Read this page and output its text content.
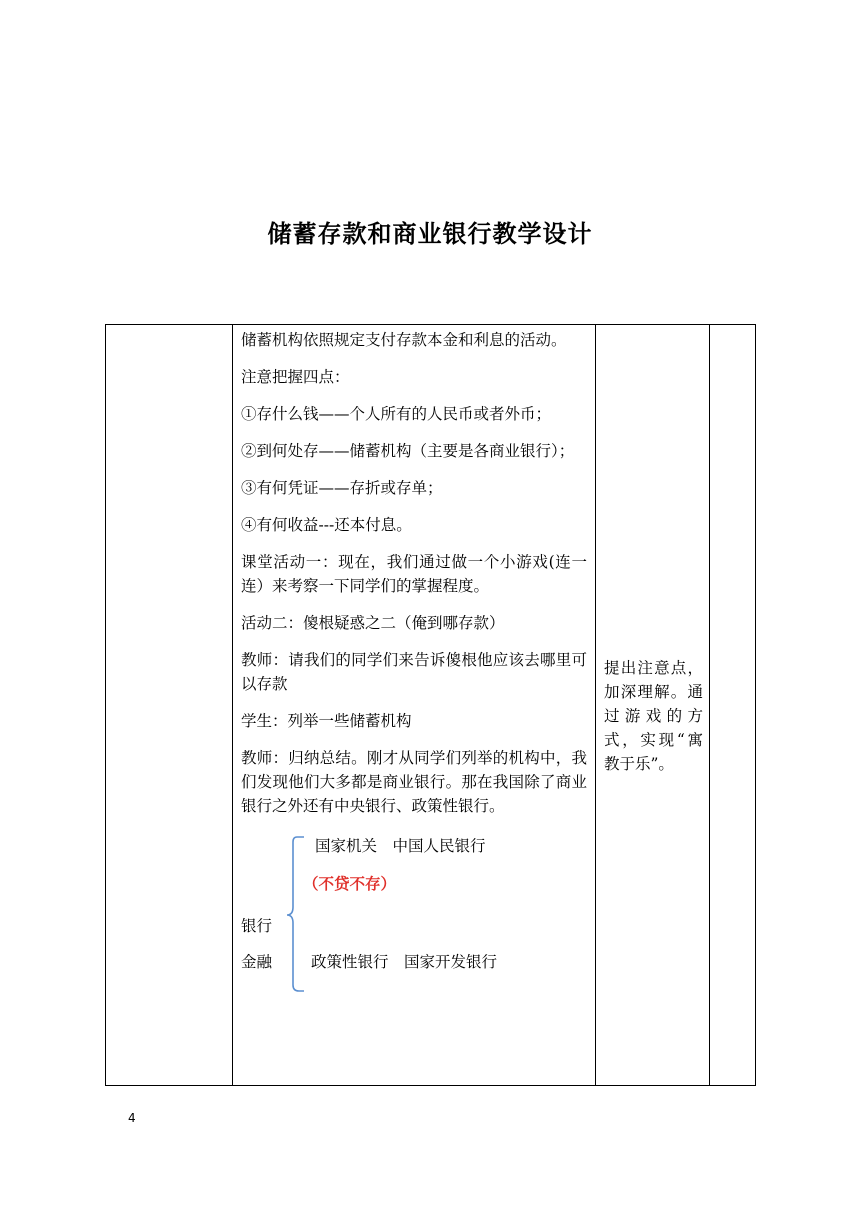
储蓄存款和商业银行教学设计

储蓄机构依照规定支付存款本金和利息的活动。

注意把握四点：

①存什么钱——个人所有的人民币或者外币；

②到何处存——储蓄机构（主要是各商业银行）；

③有何凭证——存折或存单；

④有何收益---还本付息。

课堂活动一：现在，我们通过做一个小游戏(连一连）来考察一下同学们的掌握程度。

活动二：傻根疑惑之二（俺到哪存款）

教师：请我们的同学们来告诉傻根他应该去哪里可以存款

学生：列举一些储蓄机构

教师：归纳总结。刚才从同学们列举的机构中，我们发现他们大多都是商业银行。那在我国除了商业银行之外还有中央银行、政策性银行。

国家机关　中国人民银行
（不贷不存）
银行
金融	政策性银行　国家开发银行

提出注意点，加深理解。通过游戏的方式，实现“寓教于乐”。

4
